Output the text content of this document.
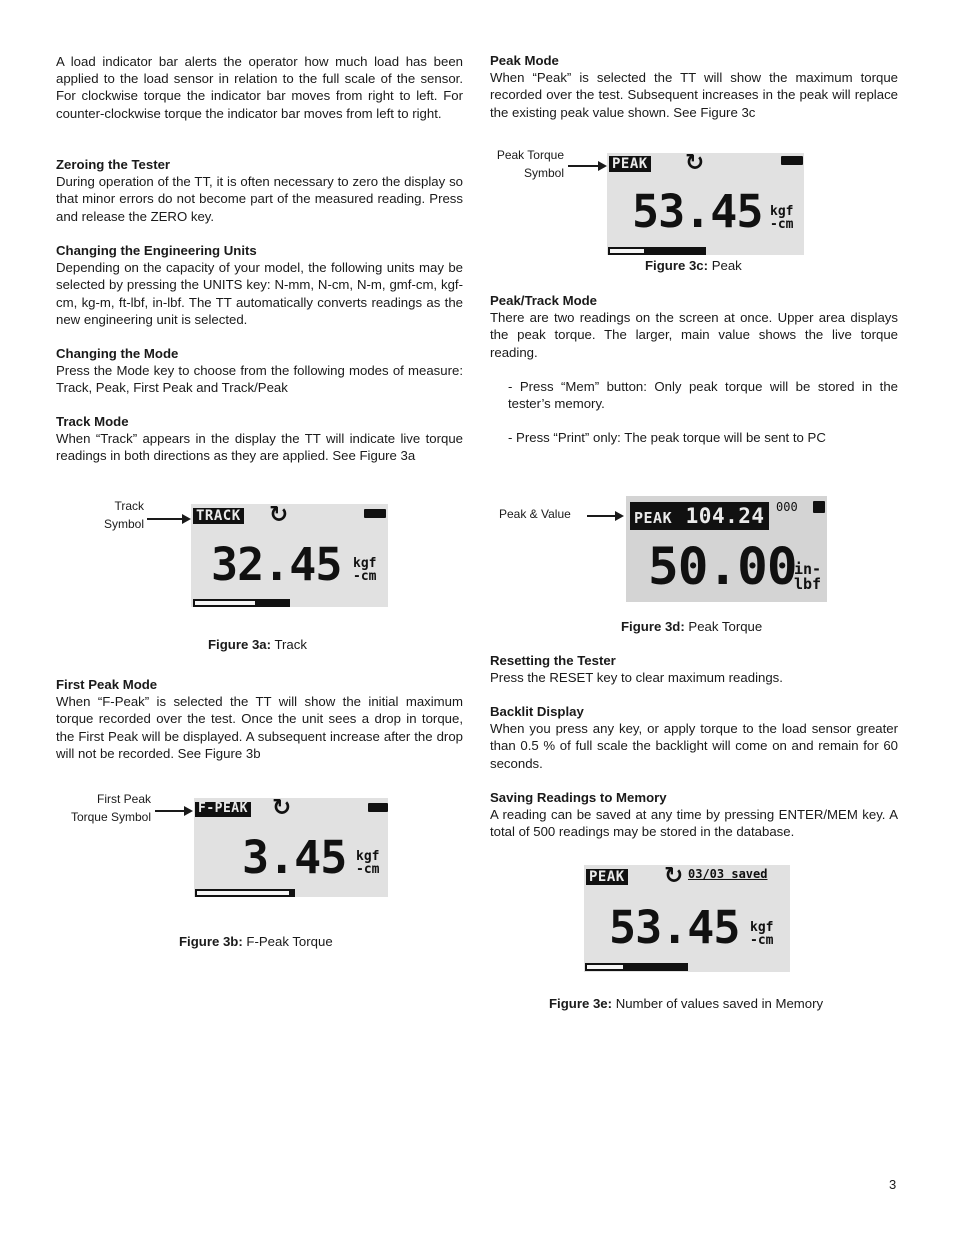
A load indicator bar alerts the operator how much load has been applied to the load sensor in relation to the full scale of the sensor. For clockwise torque the indicator bar moves from right to left. For counter-clockwise torque the indicator bar moves from left to right.

Zeroing the Tester

During operation of the TT, it is often necessary to zero the display so that minor errors do not become part of the measured reading. Press and release the ZERO key.

Changing the Engineering Units

Depending on the capacity of your model, the following units may be selected by pressing the UNITS key: N-mm, N-cm, N-m, gmf-cm, kgf-cm, kg-m, ft-lbf, in-lbf. The TT automatically converts readings as the new engineering unit is selected.

Changing the Mode

Press the Mode key to choose from the following modes of measure: Track, Peak, First Peak and Track/Peak

Track Mode

When “Track” appears in the display the TT will indicate live torque readings in both directions as they are applied. See Figure 3a

Track
Symbol	TRACK ↻
32.45 kgf
-cm
Figure 3a: Track
First Peak Mode

When “F-Peak” is selected the TT will show the initial maximum torque recorded over the test. Once the unit sees a drop in torque, the First Peak will be displayed. A subsequent increase after the drop will not be recorded. See Figure 3b

First Peak
Torque Symbol
F-PEAK ↻
3.45 kgf
-cm
Figure 3b: F-Peak Torque
Peak Mode

When “Peak” is selected the TT will show the maximum torque recorded over the test. Subsequent increases in the peak will replace the existing peak value shown. See Figure 3c

Peak Torque
Symbol
PEAK ↻
53.45 kgf
-cm
Figure 3c: Peak
Peak/Track Mode

There are two readings on the screen at once. Upper area displays the peak torque. The larger, main value shows the live torque reading.

- Press “Mem” button: Only peak torque will be stored in the tester’s memory.

- Press “Print” only: The peak torque will be sent to PC

Peak & Value	PEAK 104.24 000
50.00
in-
lbf
Figure 3d: Peak Torque
Resetting the Tester

Press the RESET key to clear maximum readings.

Backlit Display

When you press any key, or apply torque to the load sensor greater than 0.5 % of full scale the backlight will come on and remain for 60 seconds.

Saving Readings to Memory

A reading can be saved at any time by pressing ENTER/MEM key. A total of 500 readings may be stored in the database.

PEAK ↻ 03/03 saved
53.45 kgf
-cm
Figure 3e: Number of values saved in Memory
3
